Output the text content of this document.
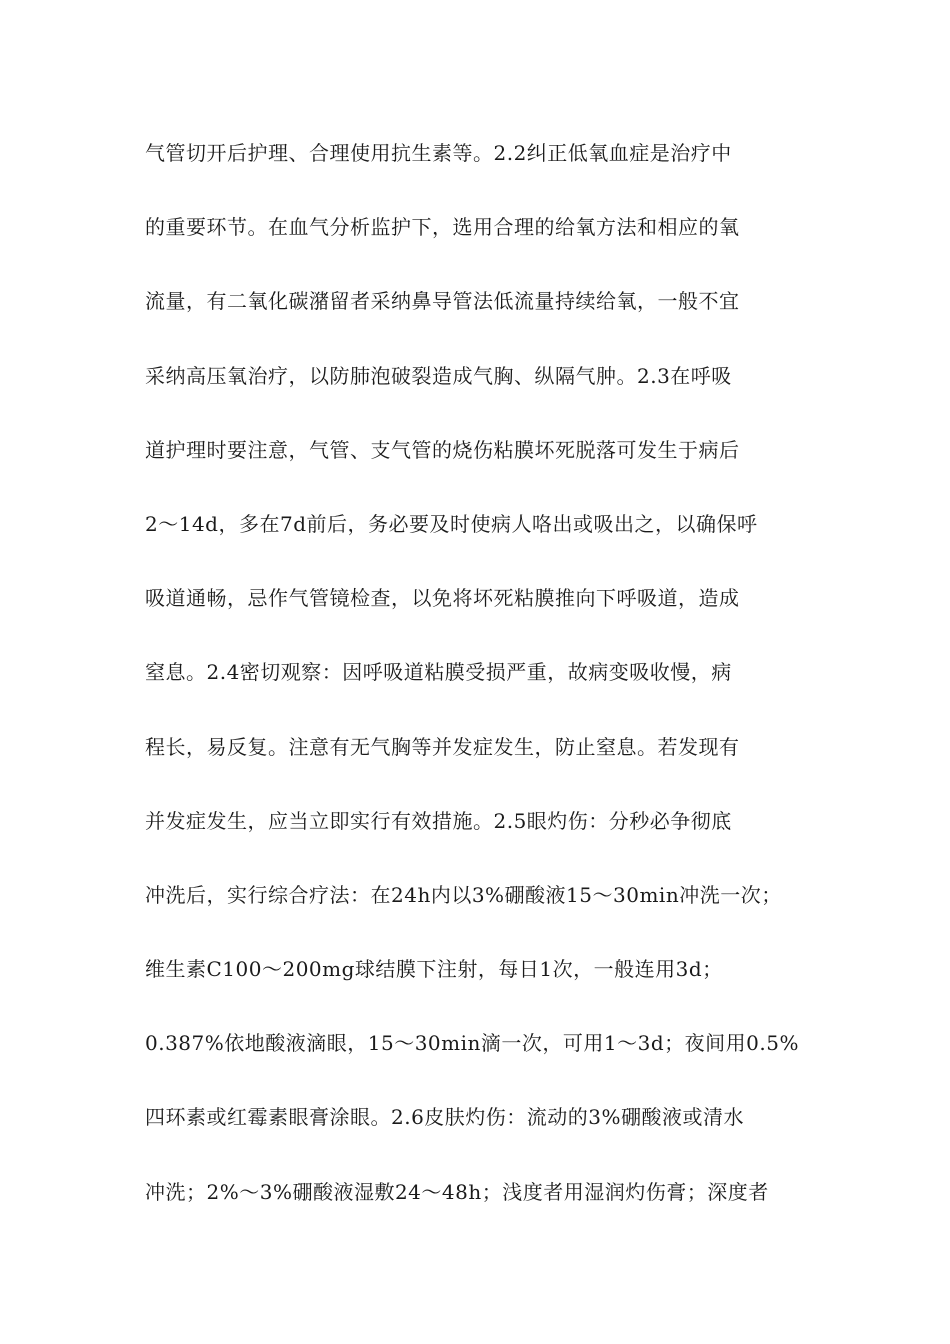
气管切开后护理、合理使用抗生素等。2.2纠正低氧血症是治疗中
的重要环节。在血气分析监护下，选用合理的给氧方法和相应的氧
流量，有二氧化碳潴留者采纳鼻导管法低流量持续给氧，一般不宜
采纳高压氧治疗，以防肺泡破裂造成气胸、纵隔气肿。2.3在呼吸
道护理时要注意，气管、支气管的烧伤粘膜坏死脱落可发生于病后
2～14d，多在7d前后，务必要及时使病人咯出或吸出之，以确保呼
吸道通畅，忌作气管镜检查，以免将坏死粘膜推向下呼吸道，造成
窒息。2.4密切观察：因呼吸道粘膜受损严重，故病变吸收慢，病
程长，易反复。注意有无气胸等并发症发生，防止窒息。若发现有
并发症发生，应当立即实行有效措施。2.5眼灼伤：分秒必争彻底
冲洗后，实行综合疗法：在24h内以3%硼酸液15～30min冲洗一次；
维生素C100～200mg球结膜下注射，每日1次，一般连用3d；
0.387%依地酸液滴眼，15～30min滴一次，可用1～3d；夜间用0.5%
四环素或红霉素眼膏涂眼。2.6皮肤灼伤：流动的3%硼酸液或清水
冲洗；2%～3%硼酸液湿敷24～48h；浅度者用湿润灼伤膏；深度者
